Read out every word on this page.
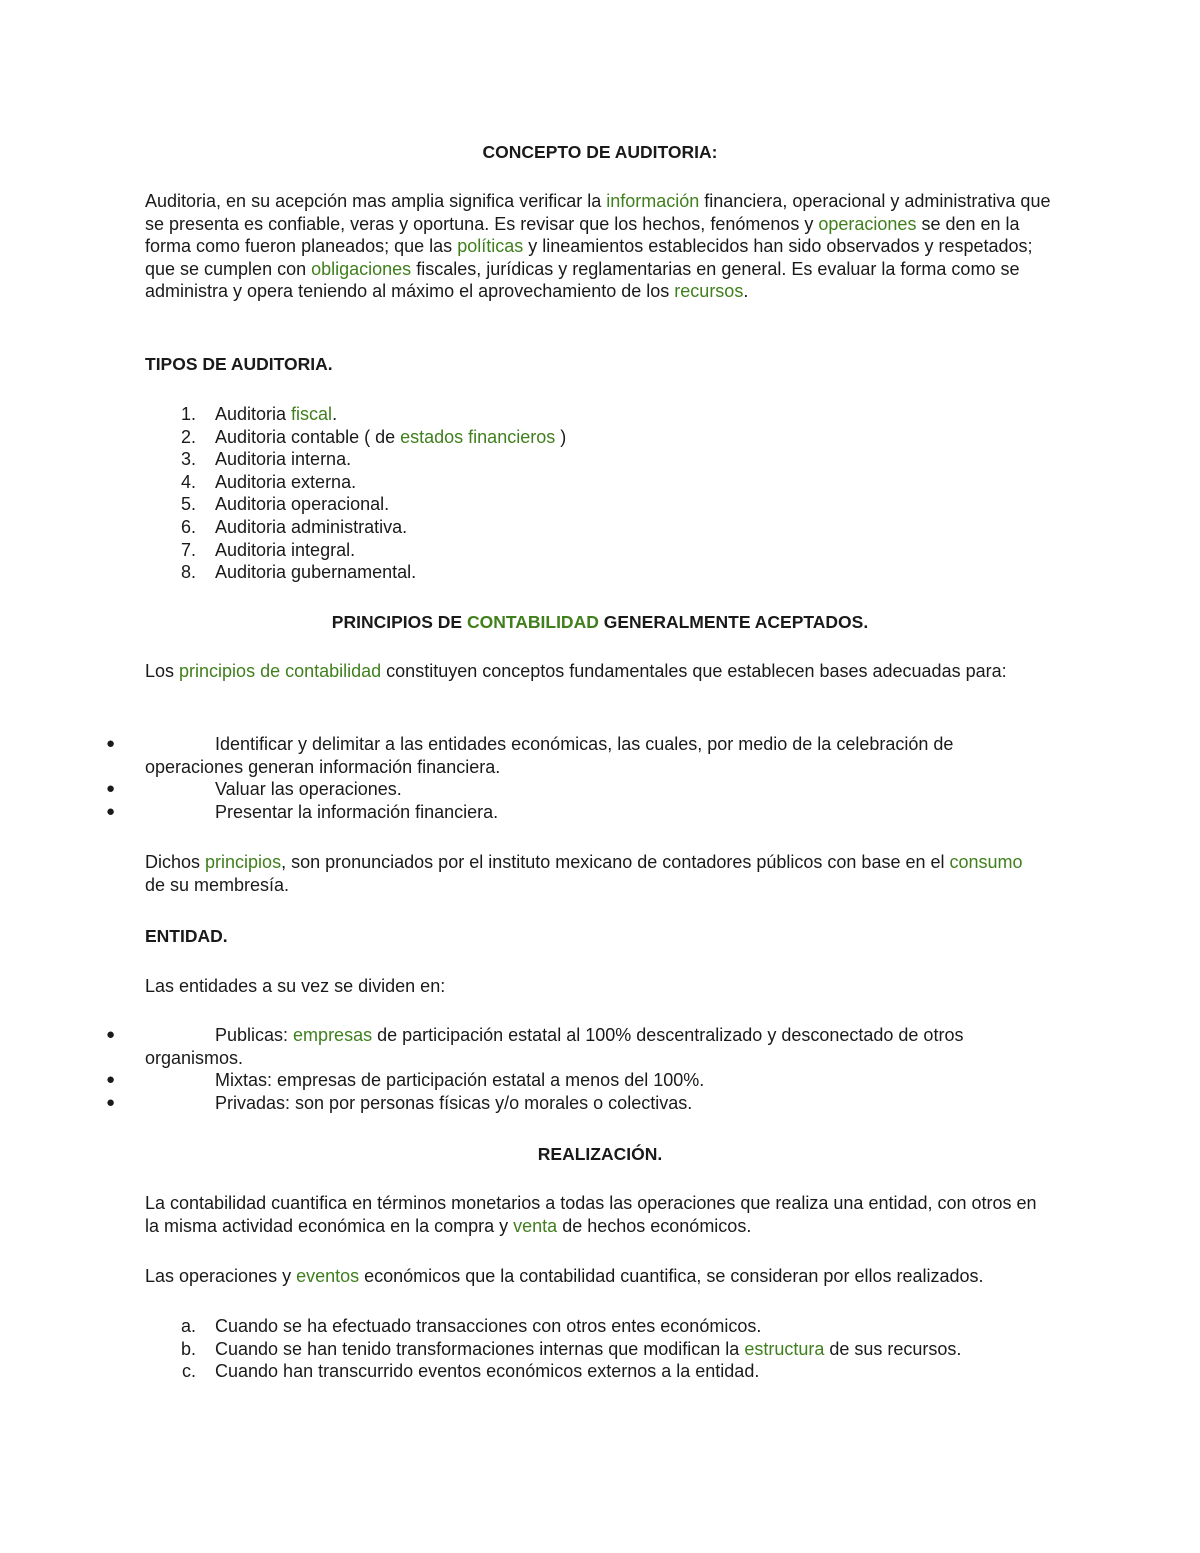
CONCEPTO DE AUDITORIA:

Auditoria, en su acepción mas amplia significa verificar la información financiera, operacional y administrativa que se presenta es confiable, veras y oportuna. Es revisar que los hechos, fenómenos y operaciones se den en la forma como fueron planeados; que las políticas y lineamientos establecidos han sido observados y respetados; que se cumplen con obligaciones fiscales, jurídicas y reglamentarias en general. Es evaluar la forma como se administra y opera teniendo al máximo el aprovechamiento de los recursos.

TIPOS DE AUDITORIA.

1. Auditoria fiscal.
2. Auditoria contable ( de estados financieros )
3. Auditoria interna.
4. Auditoria externa.
5. Auditoria operacional.
6. Auditoria administrativa.
7. Auditoria integral.
8. Auditoria gubernamental.

PRINCIPIOS DE CONTABILIDAD GENERALMENTE ACEPTADOS.

Los principios de contabilidad constituyen conceptos fundamentales que establecen bases adecuadas para:

●	Identificar y delimitar a las entidades económicas, las cuales, por medio de la celebración de
operaciones generan información financiera.
●	Valuar las operaciones.
●	Presentar la información financiera.

Dichos principios, son pronunciados por el instituto mexicano de contadores públicos con base en el consumo de su membresía.

ENTIDAD.

Las entidades a su vez se dividen en:

●	Publicas: empresas de participación estatal al 100% descentralizado y desconectado de otros
organismos.
●	Mixtas: empresas de participación estatal a menos del 100%.
●	Privadas: son por personas físicas y/o morales o colectivas.

REALIZACIÓN.

La contabilidad cuantifica en términos monetarios a todas las operaciones que realiza una entidad, con otros en la misma actividad económica en la compra y venta de hechos económicos.

Las operaciones y eventos económicos que la contabilidad cuantifica, se consideran por ellos realizados.

a. Cuando se ha efectuado transacciones con otros entes económicos.
b. Cuando se han tenido transformaciones internas que modifican la estructura de sus recursos.
c. Cuando han transcurrido eventos económicos externos a la entidad.
